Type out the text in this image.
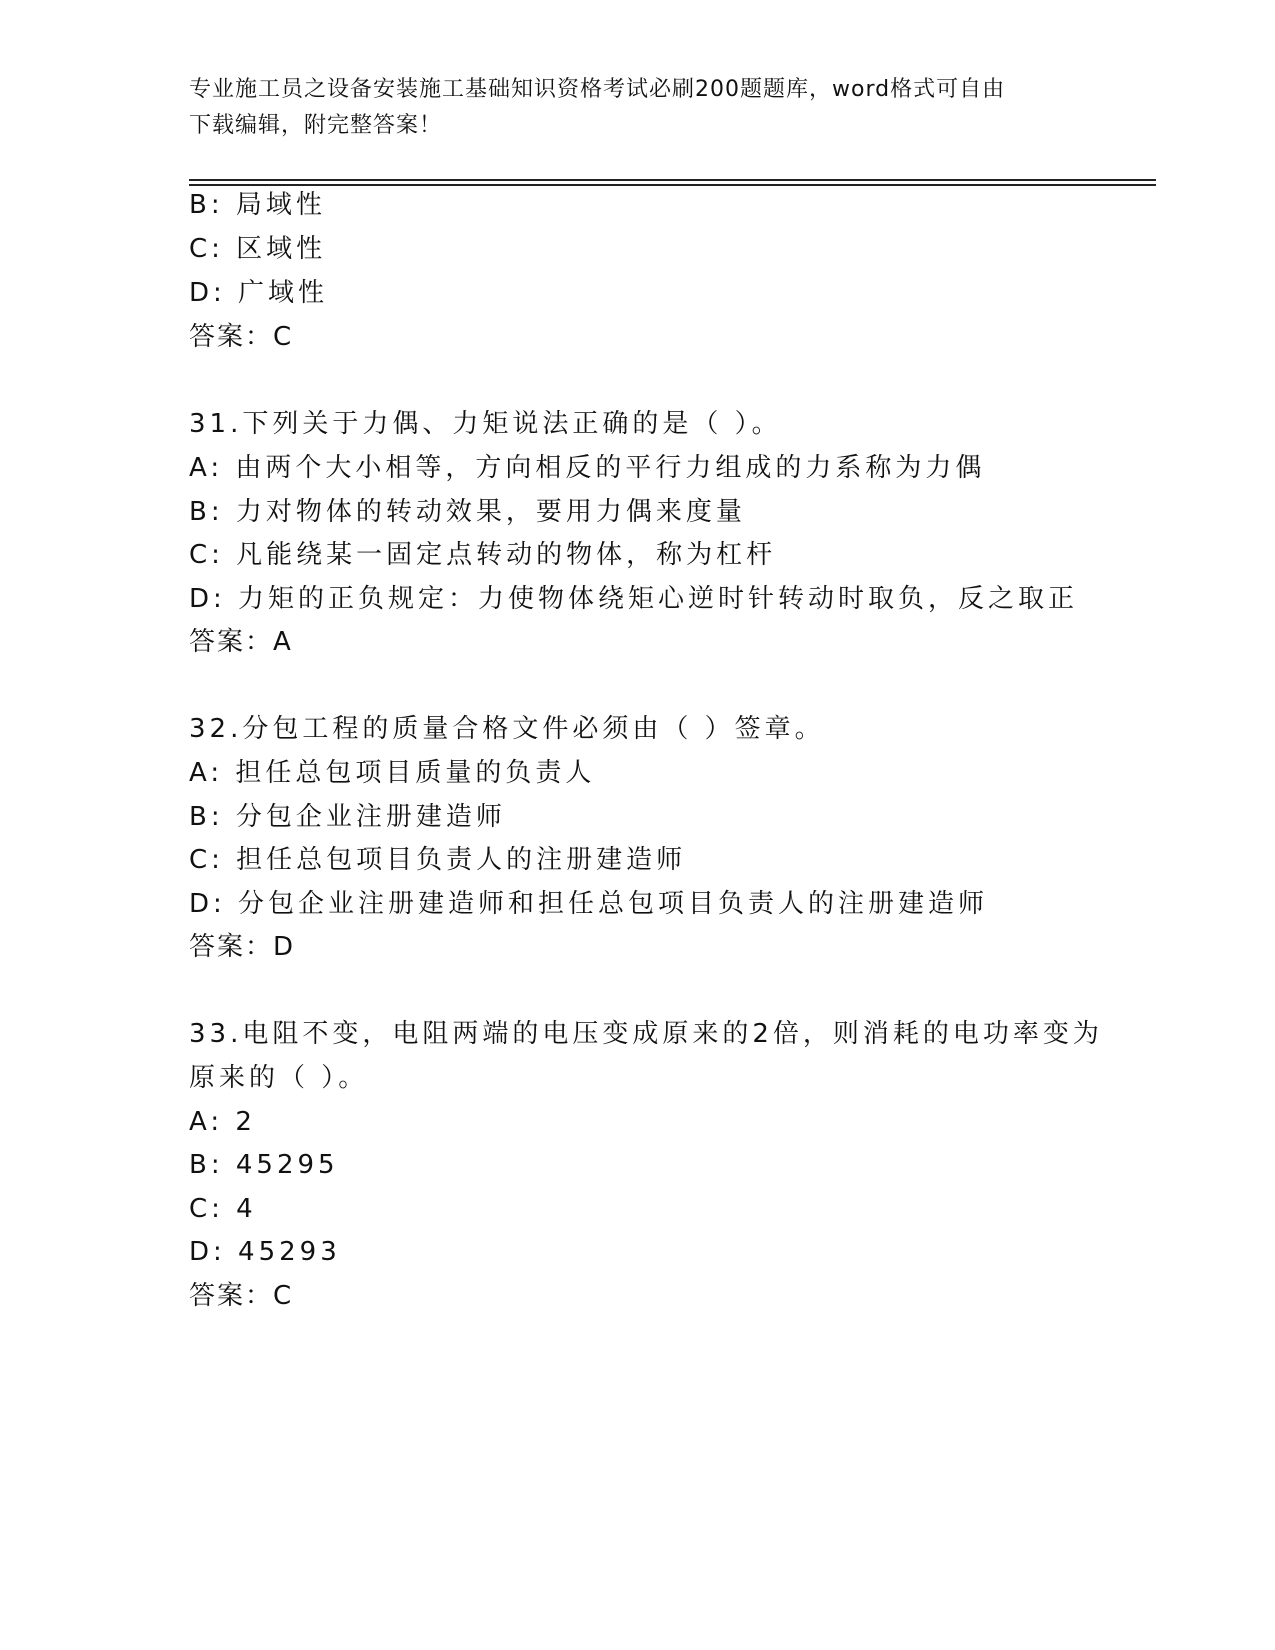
专业施工员之设备安装施工基础知识资格考试必刷200题题库，word格式可自由
下载编辑，附完整答案！

B: 局域性

C: 区域性

D: 广域性

答案：C

31.下列关于力偶、力矩说法正确的是（ ）。

A: 由两个大小相等，方向相反的平行力组成的力系称为力偶

B: 力对物体的转动效果，要用力偶来度量

C: 凡能绕某一固定点转动的物体，称为杠杆

D: 力矩的正负规定：力使物体绕矩心逆时针转动时取负，反之取正

答案：A

32.分包工程的质量合格文件必须由（ ）签章。

A: 担任总包项目质量的负责人

B: 分包企业注册建造师

C: 担任总包项目负责人的注册建造师

D: 分包企业注册建造师和担任总包项目负责人的注册建造师

答案：D

33.电阻不变，电阻两端的电压变成原来的2倍，则消耗的电功率变为

原来的（ ）。

A: 2

B: 45295

C: 4

D: 45293

答案：C
